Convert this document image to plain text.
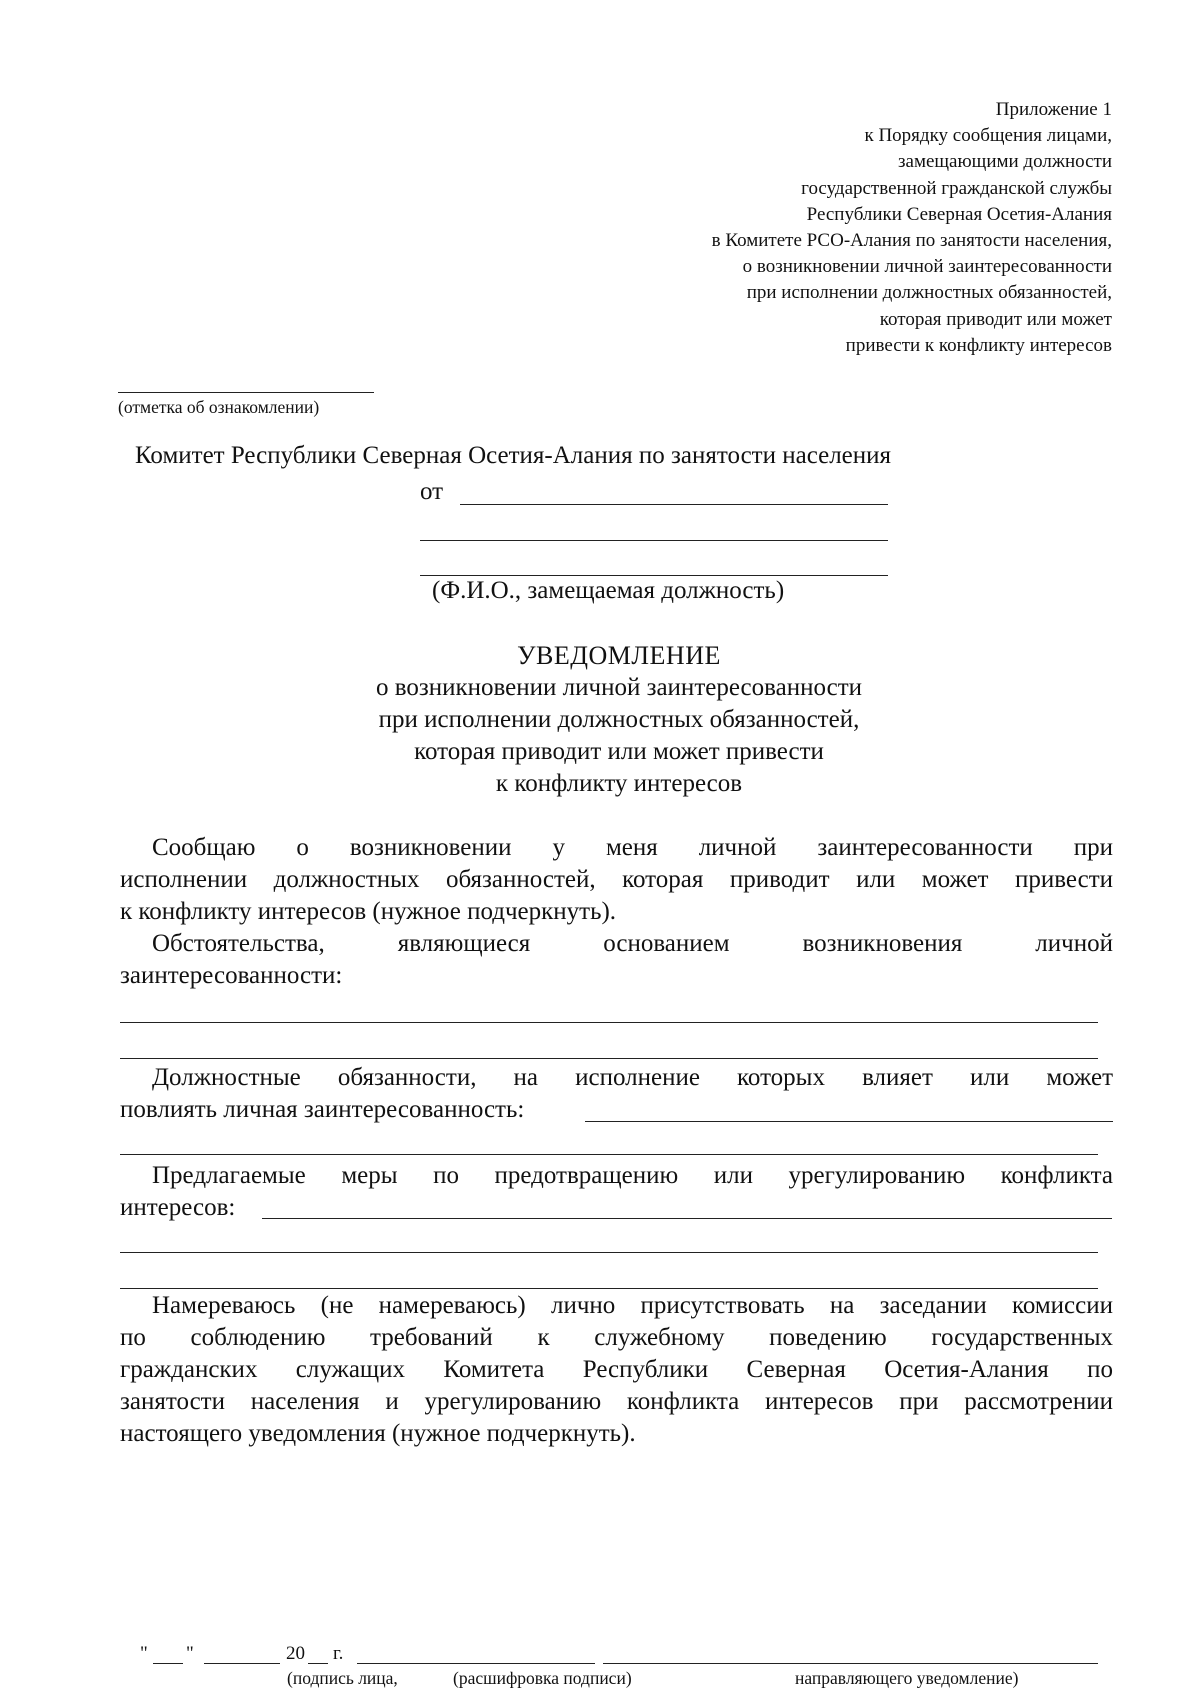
Приложение 1
к Порядку сообщения лицами,
замещающими должности
государственной гражданской службы
Республики Северная Осетия-Алания
в Комитете РСО-Алания по занятости населения,
о возникновении личной заинтересованности
при исполнении должностных обязанностей,
которая приводит или может
привести к конфликту интересов
(отметка об ознакомлении)
Комитет Республики Северная Осетия-Алания по занятости населения
от
(Ф.И.О., замещаемая должность)
УВЕДОМЛЕНИЕ
о возникновении личной заинтересованности
при исполнении должностных обязанностей,
которая приводит или может привести
к конфликту интересов
Сообщаю о возникновении у меня личной заинтересованности при
исполнении должностных обязанностей, которая приводит или может привести
к конфликту интересов (нужное подчеркнуть).
Обстоятельства, являющиеся основанием возникновения личной
заинтересованности:
Должностные обязанности, на исполнение которых влияет или может
повлиять личная заинтересованность:
Предлагаемые меры по предотвращению или урегулированию конфликта
интересов:
Намереваюсь (не намереваюсь) лично присутствовать на заседании комиссии
по соблюдению требований к служебному поведению государственных
гражданских служащих Комитета Республики Северная Осетия-Алания по
занятости населения и урегулированию конфликта интересов при рассмотрении
настоящего уведомления (нужное подчеркнуть).
" "	20 г.
(подпись лица,	(расшифровка подписи)	направляющего уведомление)
